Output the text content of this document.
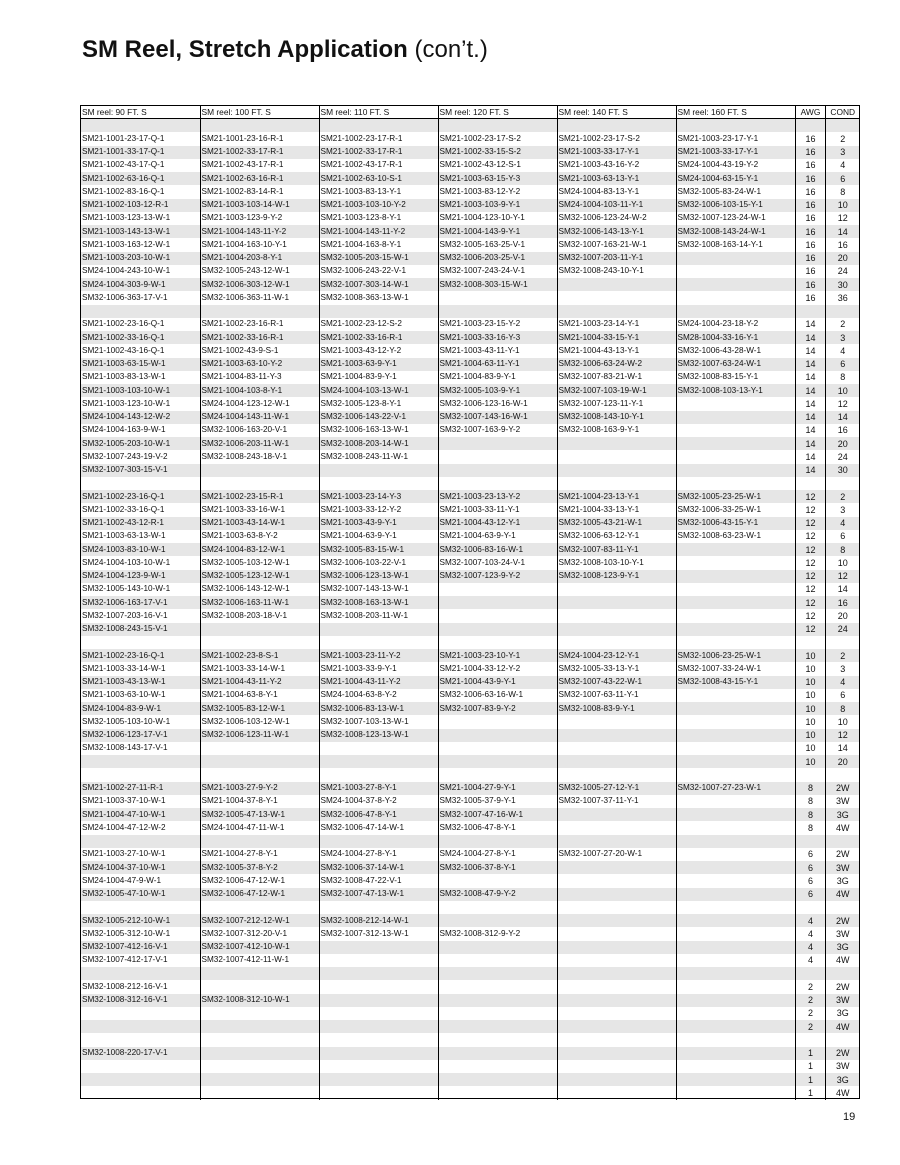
SM Reel, Stretch Application (con’t.)
SM reel: 90 FT. S	SM reel: 100 FT. S	SM reel: 110 FT. S	SM reel: 120 FT. S	SM reel: 140 FT. S	SM reel: 160 FT. S	AWG	COND

SM21-1001-23-17-Q-1	SM21-1001-23-16-R-1	SM21-1002-23-17-R-1	SM21-1002-23-17-S-2	SM21-1002-23-17-S-2	SM21-1003-23-17-Y-1	16	2
SM21-1001-33-17-Q-1	SM21-1002-33-17-R-1	SM21-1002-33-17-R-1	SM21-1002-33-15-S-2	SM21-1003-33-17-Y-1	SM21-1003-33-17-Y-1	16	3
SM21-1002-43-17-Q-1	SM21-1002-43-17-R-1	SM21-1002-43-17-R-1	SM21-1002-43-12-S-1	SM21-1003-43-16-Y-2	SM24-1004-43-19-Y-2	16	4
SM21-1002-63-16-Q-1	SM21-1002-63-16-R-1	SM21-1002-63-10-S-1	SM21-1003-63-15-Y-3	SM21-1003-63-13-Y-1	SM24-1004-63-15-Y-1	16	6
SM21-1002-83-16-Q-1	SM21-1002-83-14-R-1	SM21-1003-83-13-Y-1	SM21-1003-83-12-Y-2	SM24-1004-83-13-Y-1	SM32-1005-83-24-W-1	16	8
SM21-1002-103-12-R-1	SM21-1003-103-14-W-1	SM21-1003-103-10-Y-2	SM21-1003-103-9-Y-1	SM24-1004-103-11-Y-1	SM32-1006-103-15-Y-1	16	10
SM21-1003-123-13-W-1	SM21-1003-123-9-Y-2	SM21-1003-123-8-Y-1	SM21-1004-123-10-Y-1	SM32-1006-123-24-W-2	SM32-1007-123-24-W-1	16	12
SM21-1003-143-13-W-1	SM21-1004-143-11-Y-2	SM21-1004-143-11-Y-2	SM21-1004-143-9-Y-1	SM32-1006-143-13-Y-1	SM32-1008-143-24-W-1	16	14
SM21-1003-163-12-W-1	SM21-1004-163-10-Y-1	SM21-1004-163-8-Y-1	SM32-1005-163-25-V-1	SM32-1007-163-21-W-1	SM32-1008-163-14-Y-1	16	16
SM21-1003-203-10-W-1	SM21-1004-203-8-Y-1	SM32-1005-203-15-W-1	SM32-1006-203-25-V-1	SM32-1007-203-11-Y-1		16	20
SM24-1004-243-10-W-1	SM32-1005-243-12-W-1	SM32-1006-243-22-V-1	SM32-1007-243-24-V-1	SM32-1008-243-10-Y-1		16	24
SM24-1004-303-9-W-1	SM32-1006-303-12-W-1	SM32-1007-303-14-W-1	SM32-1008-303-15-W-1			16	30
SM32-1006-363-17-V-1	SM32-1006-363-11-W-1	SM32-1008-363-13-W-1				16	36

SM21-1002-23-16-Q-1	SM21-1002-23-16-R-1	SM21-1002-23-12-S-2	SM21-1003-23-15-Y-2	SM21-1003-23-14-Y-1	SM24-1004-23-18-Y-2	14	2
SM21-1002-33-16-Q-1	SM21-1002-33-16-R-1	SM21-1002-33-16-R-1	SM21-1003-33-16-Y-3	SM21-1004-33-15-Y-1	SM28-1004-33-16-Y-1	14	3
SM21-1002-43-16-Q-1	SM21-1002-43-9-S-1	SM21-1003-43-12-Y-2	SM21-1003-43-11-Y-1	SM21-1004-43-13-Y-1	SM32-1006-43-28-W-1	14	4
SM21-1003-63-15-W-1	SM21-1003-63-10-Y-2	SM21-1003-63-9-Y-1	SM21-1004-63-11-Y-1	SM32-1006-63-24-W-2	SM32-1007-63-24-W-1	14	6
SM21-1003-83-13-W-1	SM21-1004-83-11-Y-3	SM21-1004-83-9-Y-1	SM21-1004-83-9-Y-1	SM32-1007-83-21-W-1	SM32-1008-83-15-Y-1	14	8
SM21-1003-103-10-W-1	SM21-1004-103-8-Y-1	SM24-1004-103-13-W-1	SM32-1005-103-9-Y-1	SM32-1007-103-19-W-1	SM32-1008-103-13-Y-1	14	10
SM21-1003-123-10-W-1	SM24-1004-123-12-W-1	SM32-1005-123-8-Y-1	SM32-1006-123-16-W-1	SM32-1007-123-11-Y-1		14	12
SM24-1004-143-12-W-2	SM24-1004-143-11-W-1	SM32-1006-143-22-V-1	SM32-1007-143-16-W-1	SM32-1008-143-10-Y-1		14	14
SM24-1004-163-9-W-1	SM32-1006-163-20-V-1	SM32-1006-163-13-W-1	SM32-1007-163-9-Y-2	SM32-1008-163-9-Y-1		14	16
SM32-1005-203-10-W-1	SM32-1006-203-11-W-1	SM32-1008-203-14-W-1				14	20
SM32-1007-243-19-V-2	SM32-1008-243-18-V-1	SM32-1008-243-11-W-1				14	24
SM32-1007-303-15-V-1						14	30

SM21-1002-23-16-Q-1	SM21-1002-23-15-R-1	SM21-1003-23-14-Y-3	SM21-1003-23-13-Y-2	SM21-1004-23-13-Y-1	SM32-1005-23-25-W-1	12	2
SM21-1002-33-16-Q-1	SM21-1003-33-16-W-1	SM21-1003-33-12-Y-2	SM21-1003-33-11-Y-1	SM21-1004-33-13-Y-1	SM32-1006-33-25-W-1	12	3
SM21-1002-43-12-R-1	SM21-1003-43-14-W-1	SM21-1003-43-9-Y-1	SM21-1004-43-12-Y-1	SM32-1005-43-21-W-1	SM32-1006-43-15-Y-1	12	4
SM21-1003-63-13-W-1	SM21-1003-63-8-Y-2	SM21-1004-63-9-Y-1	SM21-1004-63-9-Y-1	SM32-1006-63-12-Y-1	SM32-1008-63-23-W-1	12	6
SM24-1003-83-10-W-1	SM24-1004-83-12-W-1	SM32-1005-83-15-W-1	SM32-1006-83-16-W-1	SM32-1007-83-11-Y-1		12	8
SM24-1004-103-10-W-1	SM32-1005-103-12-W-1	SM32-1006-103-22-V-1	SM32-1007-103-24-V-1	SM32-1008-103-10-Y-1		12	10
SM24-1004-123-9-W-1	SM32-1005-123-12-W-1	SM32-1006-123-13-W-1	SM32-1007-123-9-Y-2	SM32-1008-123-9-Y-1		12	12
SM32-1005-143-10-W-1	SM32-1006-143-12-W-1	SM32-1007-143-13-W-1				12	14
SM32-1006-163-17-V-1	SM32-1006-163-11-W-1	SM32-1008-163-13-W-1				12	16
SM32-1007-203-16-V-1	SM32-1008-203-18-V-1	SM32-1008-203-11-W-1				12	20
SM32-1008-243-15-V-1						12	24

SM21-1002-23-16-Q-1	SM21-1002-23-8-S-1	SM21-1003-23-11-Y-2	SM21-1003-23-10-Y-1	SM24-1004-23-12-Y-1	SM32-1006-23-25-W-1	10	2
SM21-1003-33-14-W-1	SM21-1003-33-14-W-1	SM21-1003-33-9-Y-1	SM21-1004-33-12-Y-2	SM32-1005-33-13-Y-1	SM32-1007-33-24-W-1	10	3
SM21-1003-43-13-W-1	SM21-1004-43-11-Y-2	SM21-1004-43-11-Y-2	SM21-1004-43-9-Y-1	SM32-1007-43-22-W-1	SM32-1008-43-15-Y-1	10	4
SM21-1003-63-10-W-1	SM21-1004-63-8-Y-1	SM24-1004-63-8-Y-2	SM32-1006-63-16-W-1	SM32-1007-63-11-Y-1		10	6
SM24-1004-83-9-W-1	SM32-1005-83-12-W-1	SM32-1006-83-13-W-1	SM32-1007-83-9-Y-2	SM32-1008-83-9-Y-1		10	8
SM32-1005-103-10-W-1	SM32-1006-103-12-W-1	SM32-1007-103-13-W-1				10	10
SM32-1006-123-17-V-1	SM32-1006-123-11-W-1	SM32-1008-123-13-W-1				10	12
SM32-1008-143-17-V-1						10	14
						10	20

SM21-1002-27-11-R-1	SM21-1003-27-9-Y-2	SM21-1003-27-8-Y-1	SM21-1004-27-9-Y-1	SM32-1005-27-12-Y-1	SM32-1007-27-23-W-1	8	2W
SM21-1003-37-10-W-1	SM21-1004-37-8-Y-1	SM24-1004-37-8-Y-2	SM32-1005-37-9-Y-1	SM32-1007-37-11-Y-1		8	3W
SM21-1004-47-10-W-1	SM32-1005-47-13-W-1	SM32-1006-47-8-Y-1	SM32-1007-47-16-W-1			8	3G
SM24-1004-47-12-W-2	SM24-1004-47-11-W-1	SM32-1006-47-14-W-1	SM32-1006-47-8-Y-1			8	4W

SM21-1003-27-10-W-1	SM21-1004-27-8-Y-1	SM24-1004-27-8-Y-1	SM24-1004-27-8-Y-1	SM32-1007-27-20-W-1		6	2W
SM24-1004-37-10-W-1	SM32-1005-37-8-Y-2	SM32-1006-37-14-W-1	SM32-1006-37-8-Y-1			6	3W
SM24-1004-47-9-W-1	SM32-1006-47-12-W-1	SM32-1008-47-22-V-1				6	3G
SM32-1005-47-10-W-1	SM32-1006-47-12-W-1	SM32-1007-47-13-W-1	SM32-1008-47-9-Y-2			6	4W

SM32-1005-212-10-W-1	SM32-1007-212-12-W-1	SM32-1008-212-14-W-1				4	2W
SM32-1005-312-10-W-1	SM32-1007-312-20-V-1	SM32-1007-312-13-W-1	SM32-1008-312-9-Y-2			4	3W
SM32-1007-412-16-V-1	SM32-1007-412-10-W-1					4	3G
SM32-1007-412-17-V-1	SM32-1007-412-11-W-1					4	4W

SM32-1008-212-16-V-1						2	2W
SM32-1008-312-16-V-1	SM32-1008-312-10-W-1					2	3W
						2	3G
						2	4W

SM32-1008-220-17-V-1						1	2W
						1	3W
						1	3G
						1	4W
19
